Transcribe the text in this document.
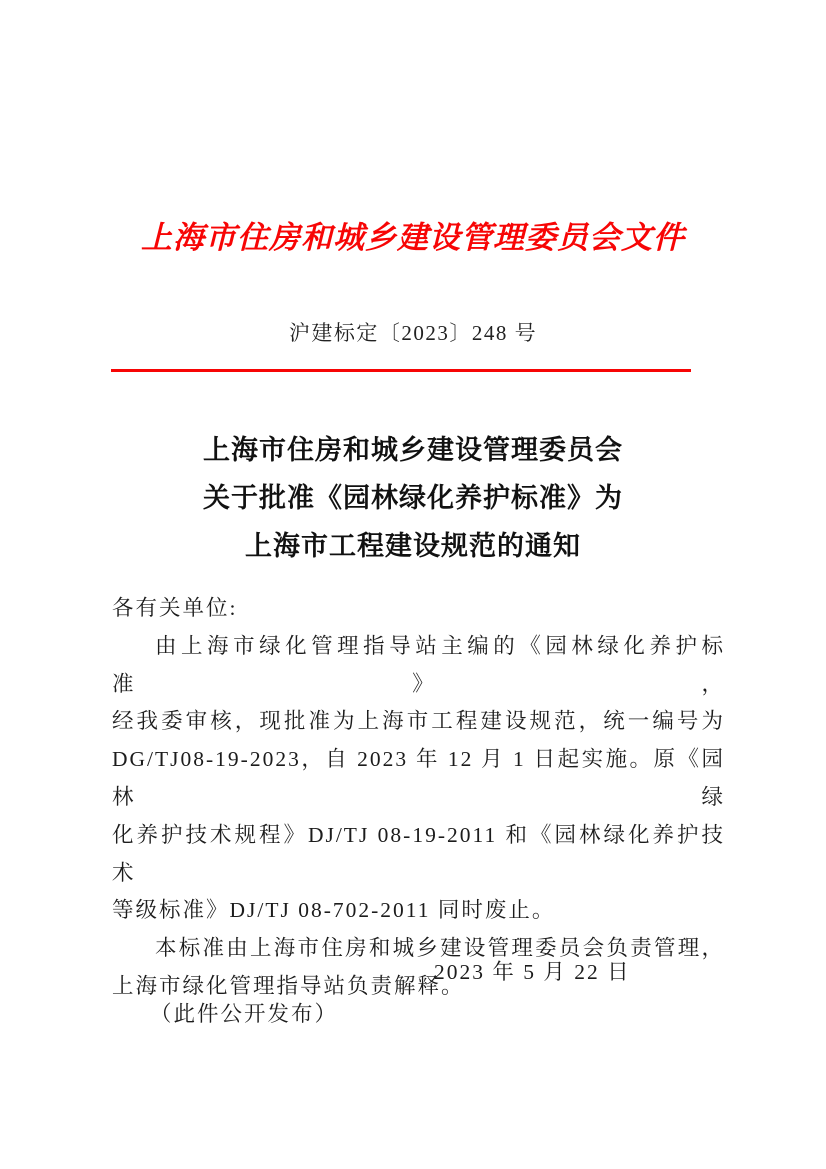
上海市住房和城乡建设管理委员会文件
沪建标定〔2023〕248 号
上海市住房和城乡建设管理委员会
关于批准《园林绿化养护标准》为
上海市工程建设规范的通知
各有关单位:
由上海市绿化管理指导站主编的《园林绿化养护标准》，
经我委审核，现批准为上海市工程建设规范，统一编号为
DG/TJ08-19-2023，自 2023 年 12 月 1 日起实施。原《园林绿
化养护技术规程》DJ/TJ 08-19-2011 和《园林绿化养护技术
等级标准》DJ/TJ 08-702-2011 同时废止。
本标准由上海市住房和城乡建设管理委员会负责管理，
上海市绿化管理指导站负责解释。
2023 年 5 月 22 日
（此件公开发布）
